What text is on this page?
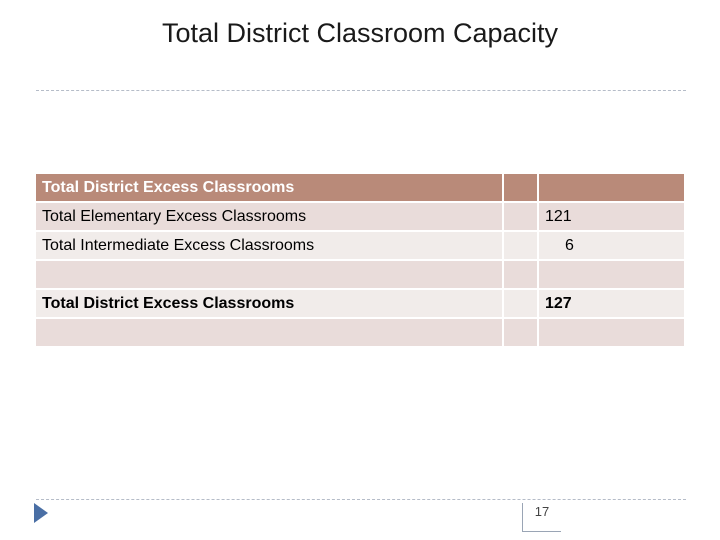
Total District Classroom Capacity
Total District Excess Classrooms		
Total Elementary Excess Classrooms		121
Total Intermediate Excess Classrooms		6

Total District Excess Classrooms		127

17
